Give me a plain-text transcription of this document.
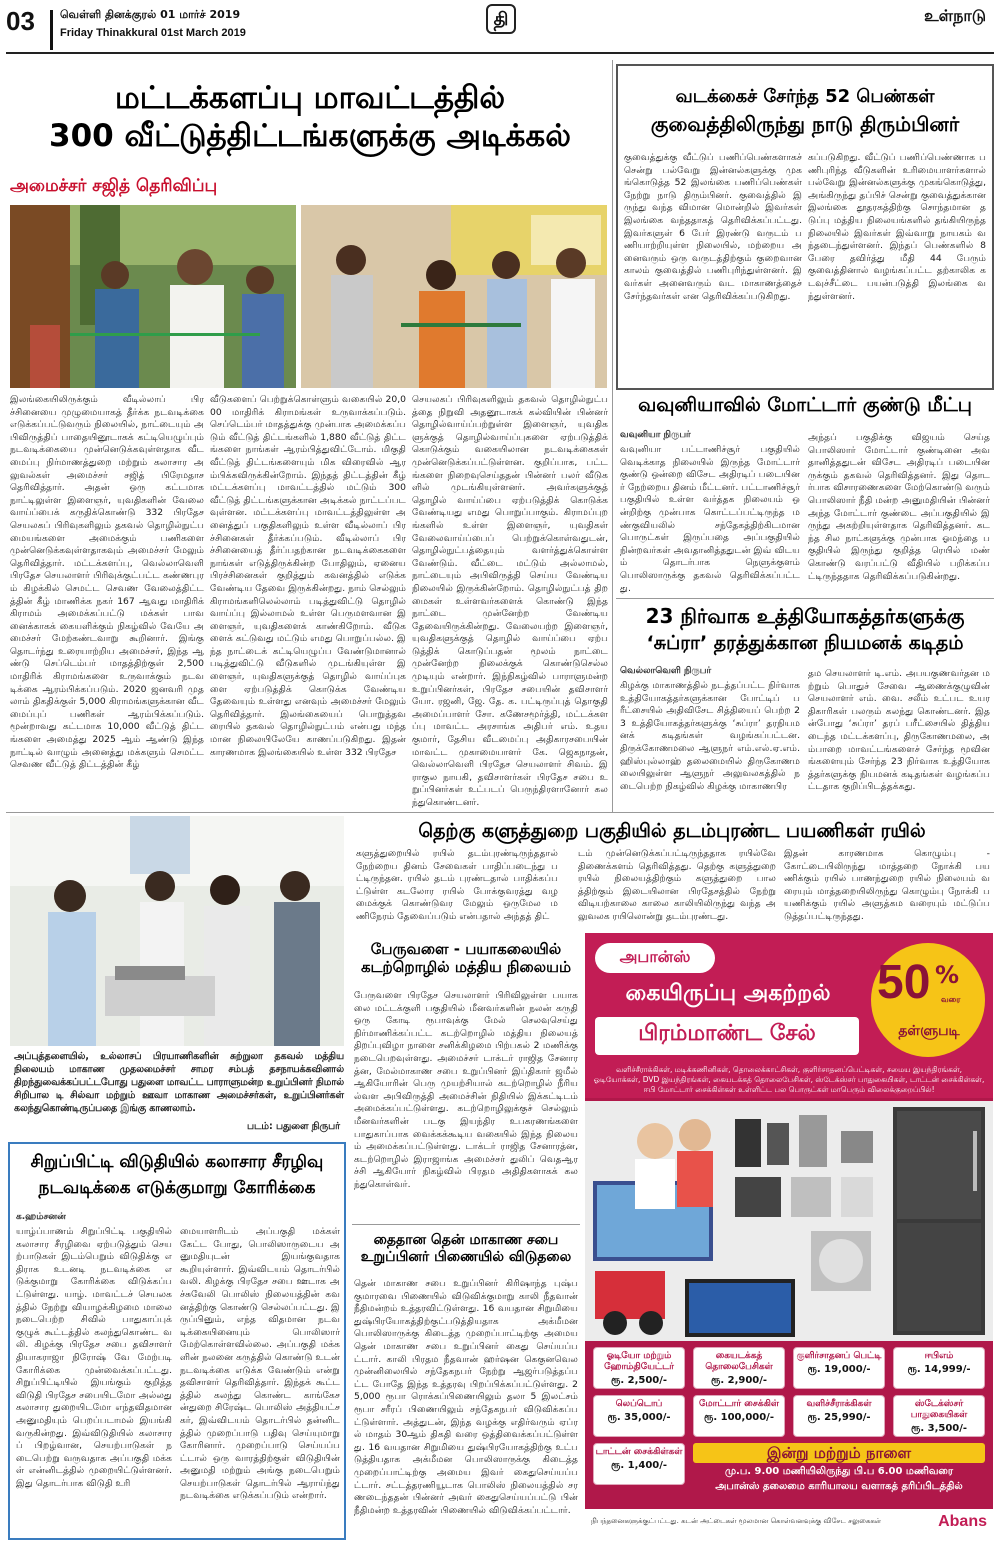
03 வெள்ளி தினக்குரல் 01 மார்ச் 2019
Friday Thinakkural 01st March 2019
தி	உள்நாடு
மட்டக்களப்பு மாவட்டத்தில்
300 வீட்டுத்திட்டங்களுக்கு அடிக்கல்
அமைச்சர் சஜித் தெரிவிப்பு
இலங்கையிலிருக்கும் வீடில்லாப் பிரச்சினையை முழுமையாகத் தீர்க்க நடவடிக்கை எடுக்கப்பட்டுவரும் நிலையில், நாட்டையும் அபிவிருத்திப் பாதையினூடாகக் கட்டியெழுப்பும் நடவடிக்கையை முன்னெடுக்கவுள்ளதாக வீடமைப்பு நிர்மாணத்துறை மற்றும் கலாசார அலுவல்கள் அமைச்சர் சஜித் பிரேமதாச தெரிவித்தார். அதன் ஒரு கட்டமாக நாட்டிலுள்ள இளைஞர், யுவதிகளின் வேலை வாய்ப்பைக் கருதிக்கொண்டு 332 பிரதேச செயலகப் பிரிவுகளிலும் தகவல் தொழில்நுட்ப மையங்களை அமைக்கும் பணிகளை முன்னெடுக்கவுள்ளதாகவும் அமைச்சர் மேலும் தெரிவித்தார். மட்டக்களப்பு, வெல்லாவெளி பிரதேச செயலாளர் பிரிவுக்குட்பட்ட கண்ணபுரம் கிழக்கில் செமட்ட செவண வேலைத்திட்டத்தின் கீழ் மாணிக்க நகர் 167 ஆவது மாதிரிக் கிராமம் அமைக்கப்பட்டு மக்கள் பாவனைக்காகக் கையளிக்கும் நிகழ்வில் வேயே அமைச்சர் மேற்கண்டவாறு கூறினார். இங்கு தொடர்ந்து உரையாற்றிய அமைச்சர், இந்த ஆண்டு செப்டெம்பர் மாதத்திற்குள் 2,500 மாதிரிக் கிராமங்களை உருவாக்கும் நடவடிக்கை ஆரம்பிக்கப்படும். 2020 ஜனவரி முதலாம் திகதிக்குள் 5,000 கிராமங்களுக்கான வீடமைப்புப் பணிகள் ஆரம்பிக்கப்படும். மூன்றாவது கட்டமாக 10,000 வீட்டுத் திட்டங்களை அமைத்து 2025 ஆம் ஆண்டு இந்த நாட்டில் வாழும் அனைத்து மக்களும் செமட்ட செவண வீட்டுத் திட்டத்தின் கீழ்
வீடுகளைப் பெற்றுக்கொள்ளும் வகையில் 20,000 மாதிரிக் கிராமங்கள் உருவாக்கப்படும். செப்டெம்பர் மாதத்துக்கு முன்பாக அமைக்கப்படும் வீட்டுத் திட்டங்களில் 1,880 வீட்டுத் திட்டங்களை நாங்கள் ஆரம்பித்துவிட்டோம். மிகுதி வீட்டுத் திட்டங்களையும் மிக விரைவில் ஆரம்பிக்கவிருக்கின்றோம். இந்தத் திட்டத்தின் கீழ் மட்டக்களப்பு மாவட்டத்தில் மட்டும் 300 வீட்டுத் திட்டங்களுக்கான அடிக்கல் நாட்டப்படவுள்ளன. மட்டக்களப்பு மாவட்டத்திலுள்ள அனைத்துப் பகுதிகளிலும் உள்ள வீடில்லாப் பிரச்சினைகள் தீர்க்கப்படும். வீடில்லாப் பிரச்சினையைத் தீர்ப்பதற்கான நடவடிக்கைகளை நாங்கள் எடுத்திருக்கின்ற போதிலும், ஏனைய பிரச்சினைகள் குறித்தும் கவனத்தில் எடுக்க வேண்டிய தேவை இருக்கின்றது. நாம் செல்லும் கிராமங்களிலெல்லாம் படித்துவிட்டு தொழில் வாய்ப்பு இல்லாமல் உள்ள பெருமளவான இளைஞர், யுவதிகளைக் காண்கிறோம். வீடுகளைக் கட்டுவது மட்டும் எமது பொறுப்பல்ல. இந்த நாட்டைக் கட்டியெழுப்ப வேண்டுமானால் படித்துவிட்டு வீடுகளில் முடங்கியுள்ள இளைஞர், யுவதிகளுக்குத் தொழில் வாய்ப்புகளை ஏற்படுத்திக் கொடுக்க வேண்டிய தேவையும் உள்ளது எனவும் அமைச்சர் மேலும் தெரிவித்தார். இலங்கையைப் பொறுத்தவரையில் தகவல் தொழில்நுட்பம் என்பது மந்தமான நிலையிலேயே காணப்படுகிறது. இதன் காரணமாக இலங்கையில் உள்ள 332 பிரதேச
செயலகப் பிரிவுகளிலும் தகவல் தொழில்நுட்பத்தை நிறுவி அதனூடாகக் கல்வியின் பின்னர் தொழில்வாய்ப்பற்றுள்ள இளைஞர், யுவதிகளுக்குத் தொழில்வாய்ப்புகளை ஏற்படுத்திக் கொடுக்கும் வகையிலான நடவடிக்கைகள் முன்னெடுக்கப்பட்டுள்ளன. குறிப்பாக, பட்டங்களை நிறைவுசெய்ததன் பின்னர் பலர் வீடுகளில் முடங்கியுள்ளனர். அவர்களுக்குத் தொழில் வாய்ப்பை ஏற்படுத்திக் கொடுக்க வேண்டியது எமது பொறுப்பாகும். கிராமப்புறங்களில் உள்ள இளைஞர், யுவதிகள் வேலைவாய்ப்பைப் பெற்றுக்கொள்வதுடன், தொழில்நுட்பத்தையும் வளர்த்துக்கொள்ள வேண்டும். வீட்டை மட்டும் அல்லாமல், நாட்டையும் அபிவிருத்தி செய்ய வேண்டிய நிலையில் இருக்கின்றோம். தொழில்நுட்பத் திறமைகள் உள்ளவர்களைக் கொண்டு இந்த நாட்டை முன்னேற்ற வேண்டிய தேவையிருக்கின்றது. வேலையற்ற இளைஞர், யுவதிகளுக்குத் தொழில் வாய்ப்பை ஏற்படுத்திக் கொடுப்பதன் மூலம் நாட்டை முன்னேற்ற நிலைக்குக் கொண்டுசெல்ல முடியும் என்றார். இந்நிகழ்வில் பாராளுமன்ற உறுப்பினர்கள், பிரதேச சபையின் தவிசாளர் யோ. ரஜனி, ஜே. தே. க. பட்டிருப்புத் தொகுதி அமைப்பாளர் சோ. கணேசமூர்த்தி, மட்டக்களப்பு மாவட்ட அரசாங்க அதிபர் எம். உதயகுமார், தேசிய வீடமைப்பு அதிகாரசபையின் மாவட்ட முகாமையாளர் கே. ஜெகநாதன், வெல்லாவெளி பிரதேச செயலாளர் சிவம். இராகுல நாயகி, தவிசாளர்கள் பிரதேச சபை உறுப்பினர்கள் உட்படப் பெருந்திரளானோர் கலந்துகொண்டனர்.
வடக்கைச் சேர்ந்த 52 பெண்கள்
குவைத்திலிருந்து நாடு திரும்பினர்
குவைத்துக்கு வீட்டுப் பணிப்பெண்களாகச் சென்று பல்வேறு இன்னல்களுக்கு முகங்கொடுத்த 52 இலங்கை பணிப்பெண்கள் நேற்று நாடு திரும்பினர். குவைத்தில் இருந்து வந்த விமான மொன்றில் இவர்கள் இலங்கை வந்ததாகத் தெரிவிக்கப்பட்டது. இவர்களுள் 6 பேர் இரண்டு வருடம் பணியாற்றியுள்ள நிலையில், மற்றைய அனைவரும் ஒரு வருடத்திற்கும் குறைவான காலம் குவைத்தில் பணிபுரிந்துள்ளனர். இவர்கள் அனைவரும் வட மாகாணத்தைச் சேர்ந்தவர்கள் என தெரிவிக்கப்படுகிறது.
கப்படுகிறது. வீட்டுப் பணிப்பெண்ணாக பணிபுரிந்த வீடுகளின் உரிமையாளர்களால் பல்வேறு இன்னல்களுக்கு முகங்கொடுத்து, அங்கிருந்து தப்பிச் சென்று குவைத்துக்கான இலங்கை தூதரகத்திற்கு சொந்தமான தடுப்பு மத்திய நிலையங்களில் தங்கியிருந்த நிலையில் இவர்கள் இவ்வாறு நாயகம் வந்தடைந்துள்ளனர். இந்தப் பெண்களில் 8 பேரை தவிர்த்து மீதி 44 பேரும் குவைத்தினால் வழங்கப்பட்ட தற்காலிக கடவுச்சீட்டை பயன்படுத்தி இலங்கை வந்துள்ளனர்.
வவுனியாவில் மோட்டார் குண்டு மீட்பு
வவுனியா நிருபர்
வவுனியா பட்டாணிச்சூர் பகுதியில் வெடிக்காத நிலையில் இருந்த மோட்டார் குண்டு ஒன்றை விசேட அதிரடிப் படையினர் நேற்றைய தினம் மீட்டனர். பட்டாணிச்சூர் பகுதியில் உள்ள வர்த்தக நிலையம் ஒன்றிற்கு முன்பாக கொட்டப்பட்டிருந்த மண்குவியலில் சந்தேகத்திற்கிடமான பொருட்கள் இருப்பதை அப்பகுதியில் நின்றவர்கள் அவதானித்ததுடன் இவ் விடயம் தொடர்பாக நெளுக்குளம் பொலிஸாருக்கு தகவல் தெரிவிக்கப்பட்டது.
அந்தப் பகுதிக்கு விஜயம் செய்த பொலிஸார் மோட்டார் குண்டினை அவதானித்ததுடன் விசேட அதிரடிப் படையினருக்கும் தகவல் தெரிவித்தனர். இது தொடர்பாக விசாரணைகளை மேற்கொண்டு வரும் பொலிஸார் நீதி மன்ற அனுமதியின் பின்னர் அந்த மோட்டார் குண்டை அப்பகுதியில் இருந்து அகற்றியுள்ளதாக தெரிவித்தனர். கடந்த சில நாட்களுக்கு முன்பாக ஓமந்தை பகுதியில் இருந்து குறித்த ரெயில் மண் கொண்டு வரப்பட்டு வீதியில் பறிக்கப்பட்டிருந்ததாக தெரிவிக்கப்படுகின்றது.
23 நிர்வாக உத்தியோகத்தர்களுக்கு
‘சுப்ரா’ தரத்துக்கான நியமனக் கடிதம்
வெல்லாவெளி நிருபர்
கிழக்கு மாகாணத்தில் நடத்தப்பட்ட நிர்வாக உத்தியோகத்தர்களுக்கான போட்டிப் பரீட்சையில் அதிவிசேட சித்தியைப் பெற்ற 23 உத்தியோகத்தர்களுக்கு ‘சுப்ரா’ தரநியமனக் கடிதங்கள் வழங்கப்பட்டன. திருக்கோணமலை ஆளுநர் எம்.எல்.ஏ.எம். ஹிஸ்புல்லாஹ் தலைமையில் திருகோணமலையிலுள்ள ஆளுநர் அலுவலகத்தில் நடைபெற்ற நிகழ்வில் கிழக்கு மாகாணபிர
தம செயலாளர் டி.எம். அபயகுணவர்தன மற்றும் பொதுச் சேவை ஆணைக்குழுவின் செயலாளர் எம். வை. சலீம் உட்பட உயரதிகாரிகள் பலரும் கலந்து கொண்டனர். இதன்போது ‘சுப்ரா’ தரப் பரீட்சையில் தித்தியடைந்த மட்டக்களப்பு, திருகோணமலை, அம்பாறை மாவட்டங்களைச் சேர்ந்த மூவினங்களையும் சேர்ந்த 23 நிர்வாக உத்தியோகத்தர்களுக்கு நியமனக் கடிதங்கள் வழங்கப்பட்டதாக குறிப்பிடத்தக்கது.
அப்புத்தளையில், உல்லாசப் பிரயாணிகளின் சுற்றுலா தகவல் மத்திய நிலையம் மாகாண முதலமைச்சர் சாமர சம்பத் தசநாயக்கவினால் திறந்துவைக்கப்பட்டபோது பதுளை மாவட்ட பாராளுமன்ற உறுப்பினர் நிமால் சிறிபால டி சில்வா மற்றும் ஊவா மாகாண அமைச்சர்கள், உறுப்பினர்கள் கலந்துகொண்டிருப்பதை இங்கு காணலாம்.
படம்: பதுளை நிருபர்
தெற்கு களுத்துறை பகுதியில் தடம்புரண்ட பயணிகள் ரயில்
களுத்துறையில் ரயில் தடம்புரண்டிருந்ததால் நேற்றைய தினம் சேவைகள் பாதிப்படைந்து பட்டிருந்தன. ரயில் தடம் புரண்டதால் பாதிக்கப்பட்டுள்ள கடலோர ரயில் போக்குவரத்து வழமைக்குக் கொண்டுவர மேலும் ஒருமேல மணிநேரம் தேவைப்படும் என்பதால் அந்தத் திட்
டம் முன்னெடுக்கப்பட்டிருந்ததாக ரயில்வே திணைக்களம் தெரிவித்தது. தெற்கு களுத்துறை ரயில் நிலையத்திற்கும் களுத்துறை பாலத்திற்கும் இடையிலான பிரதேசத்தில் நேற்று விடியற்காலை காலை காலியிலிருந்து வந்த அலுவலக ரயிலொன்று தடம்புரண்டது.
இதன் காரணமாக கொழும்பு - கோட்டையிலிருந்து மாத்தறை நோக்கி பயணிக்கும் ரயில் பாணந்துறை ரயில் நிலையம் வரையும் மாத்தறையிலிருந்து கொழும்பு நோக்கி பயணிக்கும் ரயில் அளுத்கம வரையும் மட்டுப்படுத்தப்பட்டிருந்தது.
பேருவளை - பயாகலையில் கடற்றொழில் மத்திய நிலையம்
பேருவளை பிரதேச செயலாளர் பிரிவிலுள்ள பயாகலை மட்டக்குளி பகுதியில் மீனவர்களின் நலன் கருதி ஒரு கோடி ரூபாவுக்கு மேல் செலவுசெய்து நிர்மாணிக்கப்பட்ட கடற்றொழில் மத்திய நிலையத் திறப்புவிழா நாளை சனிக்கிழமை பிற்பகல் 2 மணிக்கு நடைபெறவுள்ளது. அமைச்சர் டாக்டர் ராஜித சேனாரத்ன, மேல்மாகாண சபை உறுப்பினர் இப்திகார் ஜமீல் ஆகியோரின் பெரு முயற்சியால் கடற்றொழில் நீரியல்வள அபிவிருத்தி அமைச்சின் நிதியில் இக்கட்டிடம் அமைக்கப்பட்டுள்ளது. கடற்றொழிலுக்குச் செல்லும் மீனவர்களின் படகு இயந்திர உபகரணங்களை பாதுகாப்பாக வைக்கக்கூடிய வகையில் இந்த நிலையம் அமைக்கப்பட்டுள்ளது. டாக்டர் ராஜித சேனாரத்ன, கடற்றொழில் இராஜாங்க அமைச்சர் துலிப் வெதஆரச்சி ஆகியோர் நிகழ்வில் பிரதம அதிதிகளாகக் கலந்துகொள்வர்.
தைதான தென் மாகாண சபை உறுப்பினர் பிணையில் விடுதலை
தென் மாகாண சபை உறுப்பினர் கிரிஷாந்த புஷ்பகுமாரவை பிணையில் விடுவிக்குமாறு காலி நீதவான் நீதிமன்றம் உத்தரவிட்டுள்ளது. 16 வயதான சிறுமியை துஷ்பிரயோகத்திற்குட்படுத்தியதாக அக்மீமன பொலிஸாருக்கு கிடைத்த முறைப்பாட்டிற்கு அமைய தென் மாகாண சபை உறுப்பினர் கைது செய்யப்பட்டார். காலி பிரதம நீதவான் ஹர்ஷன கெகுனவெல முன்னிலையில் சந்தேகநபர் நேற்று ஆஜர்படுத்தப்பட்ட போதே இந்த உத்தரவு பிறப்பிக்கப்பட்டுள்ளது. 25,000 ரூபா ரொக்கப்பிணையிலும் தலா 5 இலட்சம் ரூபா சரீரப் பிணையிலும் சந்தேகநபர் விடுவிக்கப்பட்டுள்ளார். அத்துடன், இந்த வழக்கு எதிர்வரும் ஏப்ரல் மாதம் 30ஆம் திகதி வரை ஒத்திவைக்கப்பட்டுள்ளது. 16 வயதான சிறுமியை துஷ்பிரயோகத்திற்கு உட்படுத்தியதாக அக்மீமன பொலிஸாருக்கு கிடைத்த முறைப்பாட்டிற்கு அமைய இவர் கைதுசெய்யப்பட்டார். சட்டத்தரணியூடாக பொலிஸ் நிலையத்தில் சரணடைந்ததன் பின்னர் அவர் கைதுசெய்யப்பட்டு பின் நீதிமன்ற உத்தரவின் பிணையில் விடுவிக்கப்பட்டார்.
சிறுப்பிட்டி விடுதியில் கலாசார சீரழிவு
நடவடிக்கை எடுக்குமாறு கோரிக்கை
க.ஹம்சனன்
யாழ்ப்பாணம் சிறுப்பிட்டி பகுதியில் கலாசார சீரழிவை ஏற்படுத்தும் செயற்பாடுகள் இடம்பெறும் விடுதிக்கு எதிராக உடனடி நடவடிக்கை எடுக்குமாறு கோரிக்கை விடுக்கப்பட்டுள்ளது. யாழ். மாவட்டச் செயலகத்தில் நேற்று வியாழக்கிழமை மாலை நடைபெற்ற சிவில் பாதுகாப்புக் குழுக் கூட்டத்தில் கலந்துகொண்ட வலி. கிழக்கு பிரதேச சபை தவிசாளர் தியாகராஜா நிரோஷ் வே மேற்படி கோரிக்கை முன்வைக்கப்பட்டது. சிறுப்பிட்டியில் இயங்கும் குறித்த விடுதி பிரதேச சபையிடமோ அல்லது கலாசார துறையிடமோ எந்தவிதமான அனுமதியும் பெறப்படாமல் இயங்கி வருகின்றது. இவ்விடுதியில் கலாசாரப் பிறழ்வான, செயற்பாடுகள் நடைபெற்று வருவதாக அப்பகுதி மக்கள் என்னிடத்தில் முறையிட்டுள்ளனர். இது தொடர்பாக விடுதி உரி
மையாளரிடம் அப்பகுதி மக்கள் கேட்ட போது, பொலிஸாருடைய அனுமதியுடன் இயங்குவதாக கூறியுள்ளார். இவ்விடயம் தொடர்பில் வலி. கிழக்கு பிரதேச சபை ஊடாக அச்சுவேலி பொலிஸ் நிலையத்தின் கவனத்திற்கு கொண்டு செல்லப்பட்டது. இருப்பினும், எந்த விதமான நடவடிக்கையினையும் பொலிஸார் மேற்கொள்ளவில்லை. அப்பகுதி மக்களின் நலனை கருத்தில் கொண்டு உடன் நடவடிக்கை எடுக்க வேண்டும் என்று தவிசாளர் தெரிவித்தார். இந்தக் கூட்டத்தில் கலந்து கொண்ட காங்கேசன்துறை சிரேஷ்ட பொலிஸ் அத்தியட்சகர், இவ்விடயம் தொடர்பில் தன்னிடத்தில் முறைப்பாடு பதிவு செய்யுமாறு கோரினார். முறைப்பாடு செய்யப்பட்டால் ஒரு வாரத்திற்குள் விடுதியின் அனுமதி மற்றும் அங்கு நடைபெறும் செயற்பாடுகள் தொடர்பில் ஆராய்ந்து நடவடிக்கை எடுக்கப்படும் என்றார்.
அபான்ஸ்
கையிருப்பு அகற்றல்
பிரம்மாண்ட சேல்
50 %
வரை
தள்ளுபடி
வளிச்சீராக்கிகள், மடிக்கணினிகள், தொலைக்காட்சிகள், குளிர்சாதனப்பெட்டிகள், சமைய இயந்திரங்கள், ஓடியோக்கள், DVD இயந்திரங்கள், கையடக்கத் தொலைபேசிகள், ஸ்டேக்ஸ்சர் பாதுகையிகள், டாட்டன் சைக்கிள்கள், ஈபி மோட்டார் சைக்கிள்கள் உள்ளிட்ட பல பொருட்கள் மாபெரும் விலைக்குறைப்பில்!
ஓடியோ மற்றும் ஹோம்தியேட்டர்
ரூ. 2,500/-
கையடக்கத் தொலைபேசிகள்
ரூ. 2,900/-
குளிர்சாதனப் பெட்டி
ரூ. 19,000/-
ஈபிஎம்
ரூ. 14,999/-
லெப்டொப்
ரூ. 35,000/-
மோட்டார் சைக்கிள்
ரூ. 100,000/-
வளிச்சீராக்கிகள்
ரூ. 25,990/-
ஸ்டேக்ஸ்சர் பாதுகையிகள்
ரூ. 3,500/-
டாட்டன் சைக்கிள்கள்
ரூ. 1,400/-
இன்று மற்றும் நாளை
மு.ப. 9.00 மணியிலிருந்து பி.ப 6.00 மணிவரை
அபான்ஸ் தலைமை காரியாலய வளாகத் தரிப்பிடத்தில்
நிபந்தனைகளுக்குட்பட்டது. கடன் அட்டைகள் மூலமான கொள்வனவுக்கு விசேட சலுகைகள்	Abans
